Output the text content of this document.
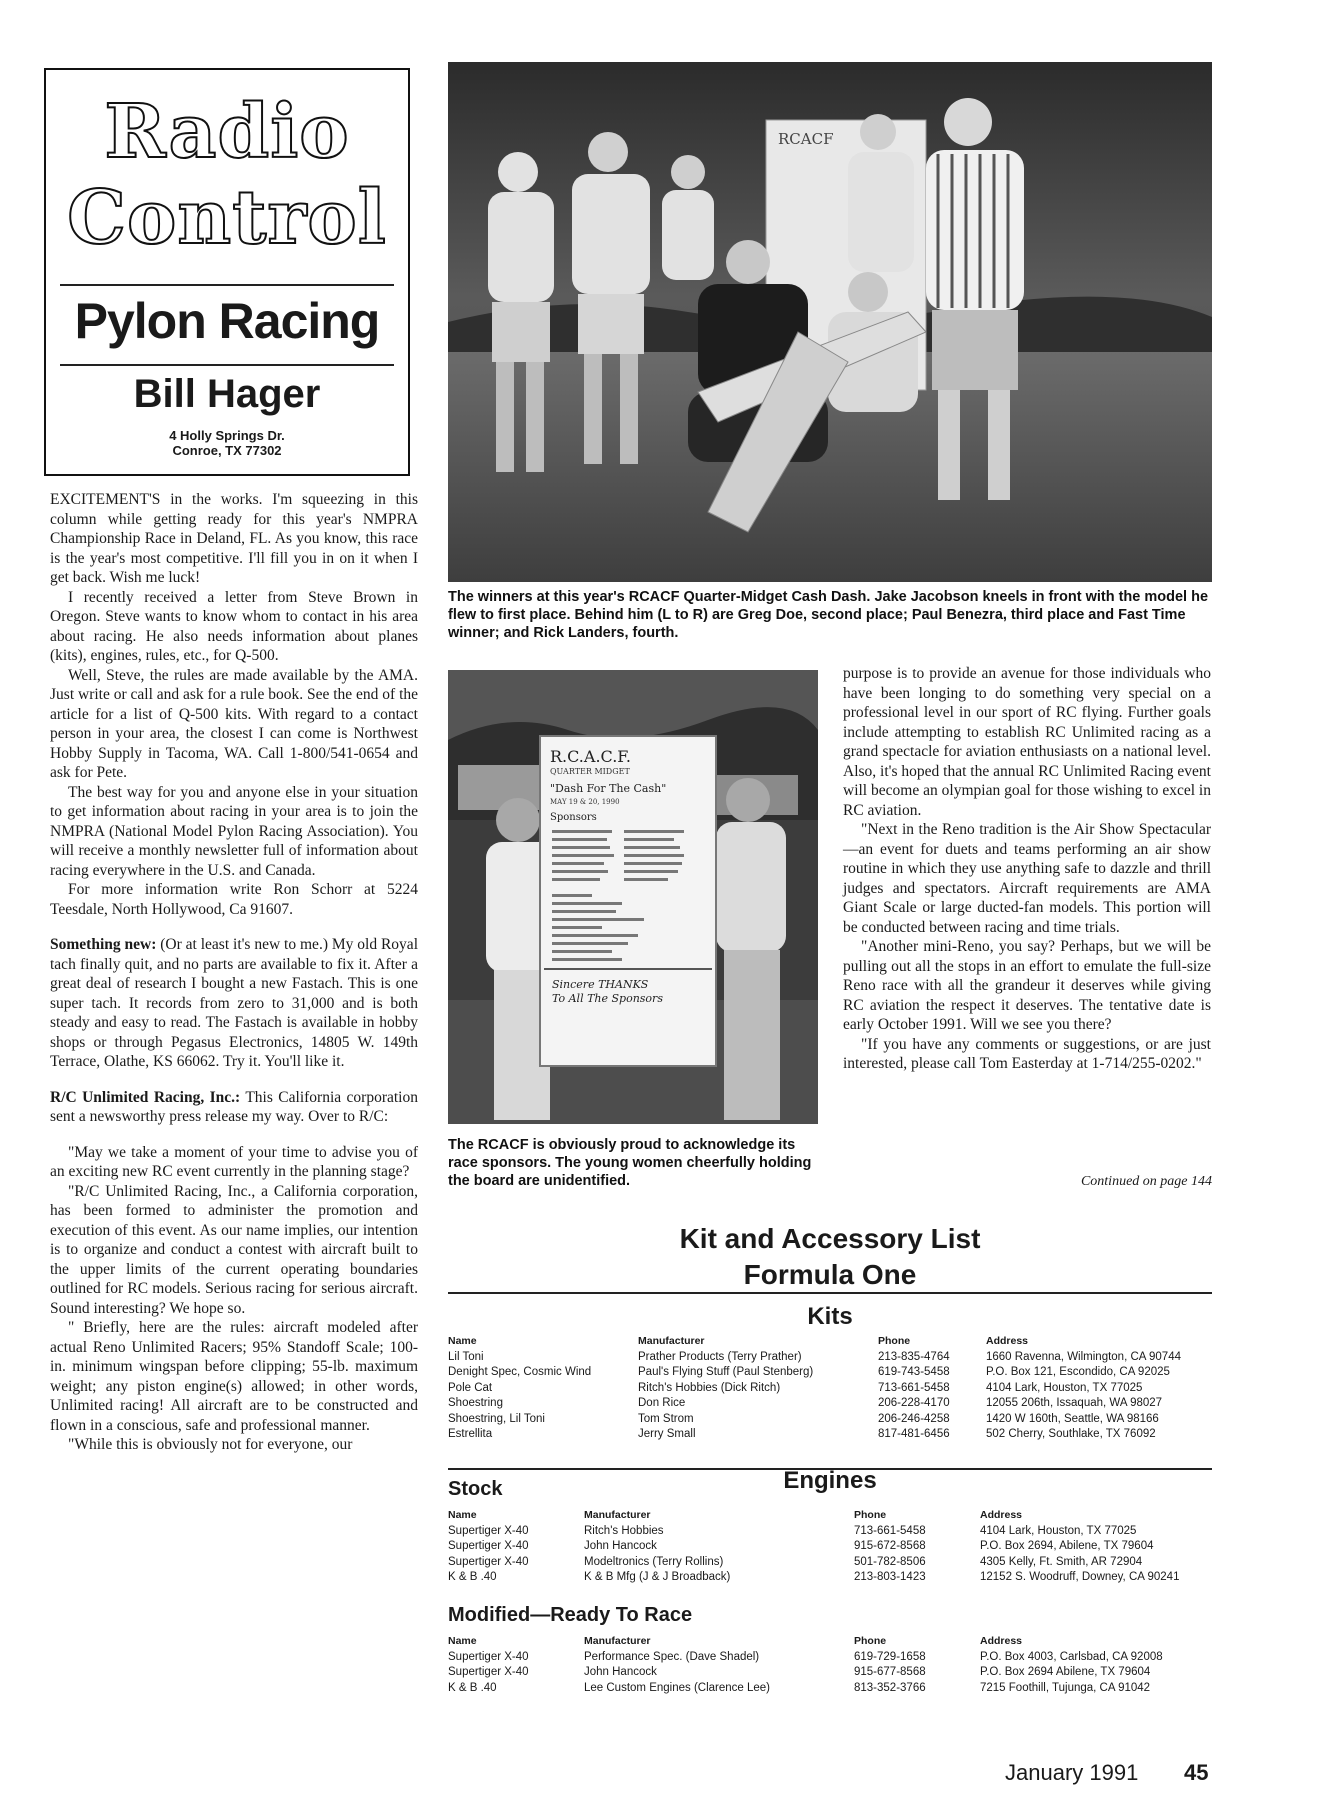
Radio
Control
Pylon Racing
Bill Hager
4 Holly Springs Dr.
Conroe, TX 77302

EXCITEMENT'S in the works. I'm squeezing in this column while getting ready for this year's NMPRA Championship Race in Deland, FL. As you know, this race is the year's most competitive. I'll fill you in on it when I get back. Wish me luck!

I recently received a letter from Steve Brown in Oregon. Steve wants to know whom to contact in his area about racing. He also needs information about planes (kits), engines, rules, etc., for Q-500.

Well, Steve, the rules are made available by the AMA. Just write or call and ask for a rule book. See the end of the article for a list of Q-500 kits. With regard to a contact person in your area, the closest I can come is Northwest Hobby Supply in Tacoma, WA. Call 1-800/541-0654 and ask for Pete.

The best way for you and anyone else in your situation to get information about racing in your area is to join the NMPRA (National Model Pylon Racing Association). You will receive a monthly newsletter full of information about racing everywhere in the U.S. and Canada.

For more information write Ron Schorr at 5224 Teesdale, North Hollywood, Ca 91607.

Something new: (Or at least it's new to me.) My old Royal tach finally quit, and no parts are available to fix it. After a great deal of research I bought a new Fastach. This is one super tach. It records from zero to 31,000 and is both steady and easy to read. The Fastach is available in hobby shops or through Pegasus Electronics, 14805 W. 149th Terrace, Olathe, KS 66062. Try it. You'll like it.

R/C Unlimited Racing, Inc.: This California corporation sent a newsworthy press release my way. Over to R/C:

"May we take a moment of your time to advise you of an exciting new RC event currently in the planning stage?

"R/C Unlimited Racing, Inc., a California corporation, has been formed to administer the promotion and execution of this event. As our name implies, our intention is to organize and conduct a contest with aircraft built to the upper limits of the current operating boundaries outlined for RC models. Serious racing for serious aircraft. Sound interesting? We hope so.

" Briefly, here are the rules: aircraft modeled after actual Reno Unlimited Racers; 95% Standoff Scale; 100-in. minimum wingspan before clipping; 55-lb. maximum weight; any piston engine(s) allowed; in other words, Unlimited racing! All aircraft are to be constructed and flown in a conscious, safe and professional manner.

"While this is obviously not for everyone, our

RCACF
The winners at this year's RCACF Quarter-Midget Cash Dash. Jake Jacobson kneels in front with the model he flew to first place. Behind him (L to R) are Greg Doe, second place; Paul Benezra, third place and Fast Time winner; and Rick Landers, fourth.
R.C.A.C.F.
QUARTER MIDGET
"Dash For The Cash"
MAY 19 & 20, 1990
Sponsors
Sincere THANKS
To All The Sponsors
The RCACF is obviously proud to acknowledge its race sponsors. The young women cheerfully holding the board are unidentified.

purpose is to provide an avenue for those individuals who have been longing to do something very special on a professional level in our sport of RC flying. Further goals include attempting to establish RC Unlimited racing as a grand spectacle for aviation enthusiasts on a national level. Also, it's hoped that the annual RC Unlimited Racing event will become an olympian goal for those wishing to excel in RC aviation.

"Next in the Reno tradition is the Air Show Spectacular—an event for duets and teams performing an air show routine in which they use anything safe to dazzle and thrill judges and spectators. Aircraft requirements are AMA Giant Scale or large ducted-fan models. This portion will be conducted between racing and time trials.

"Another mini-Reno, you say? Perhaps, but we will be pulling out all the stops in an effort to emulate the full-size Reno race with all the grandeur it deserves while giving RC aviation the respect it deserves. The tentative date is early October 1991. Will we see you there?

"If you have any comments or suggestions, or are just interested, please call Tom Easterday at 1-714/255-0202."

Continued on page 144
Kit and Accessory List
Formula One
Kits
Name	Manufacturer	Phone	Address
Lil Toni	Prather Products (Terry Prather)	213-835-4764	1660 Ravenna, Wilmington, CA 90744
Denight Spec, Cosmic Wind	Paul's Flying Stuff (Paul Stenberg)	619-743-5458	P.O. Box 121, Escondido, CA 92025
Pole Cat	Ritch's Hobbies (Dick Ritch)	713-661-5458	4104 Lark, Houston, TX 77025
Shoestring	Don Rice	206-228-4170	12055 206th, Issaquah, WA 98027
Shoestring, Lil Toni	Tom Strom	206-246-4258	1420 W 160th, Seattle, WA 98166
Estrellita	Jerry Small	817-481-6456	502 Cherry, Southlake, TX 76092
Engines
Stock
Name	Manufacturer	Phone	Address
Supertiger X-40	Ritch's Hobbies	713-661-5458	4104 Lark, Houston, TX 77025
Supertiger X-40	John Hancock	915-672-8568	P.O. Box 2694, Abilene, TX 79604
Supertiger X-40	Modeltronics (Terry Rollins)	501-782-8506	4305 Kelly, Ft. Smith, AR 72904
K & B .40	K & B Mfg (J & J Broadback)	213-803-1423	12152 S. Woodruff, Downey, CA 90241
Modified—Ready To Race
Name	Manufacturer	Phone	Address
Supertiger X-40	Performance Spec. (Dave Shadel)	619-729-1658	P.O. Box 4003, Carlsbad, CA 92008
Supertiger X-40	John Hancock	915-677-8568	P.O. Box 2694 Abilene, TX 79604
K & B .40	Lee Custom Engines (Clarence Lee)	813-352-3766	7215 Foothill, Tujunga, CA 91042
January 1991 45
